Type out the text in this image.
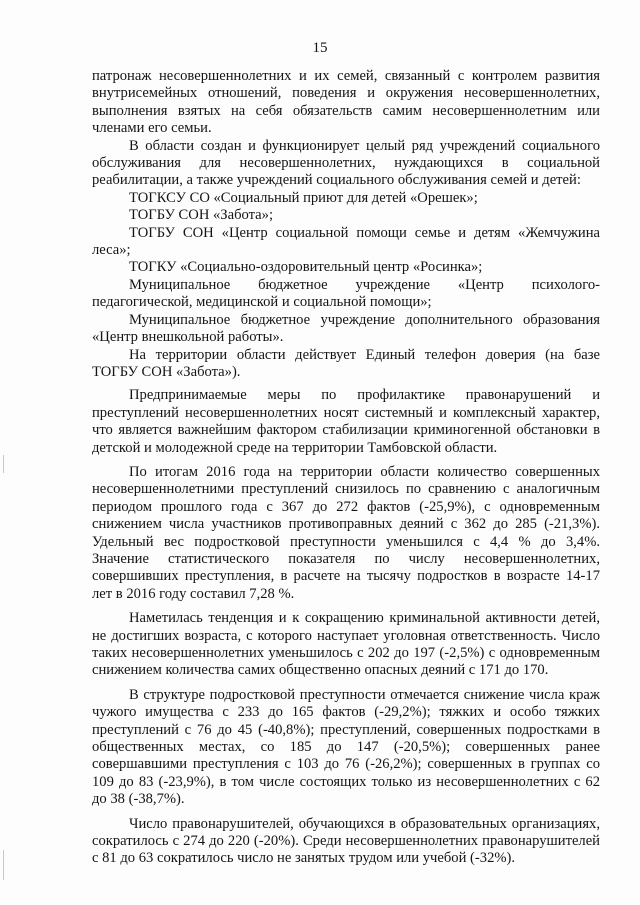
15

патронаж несовершеннолетних и их семей, связанный с контролем развития внутрисемейных отношений, поведения и окружения несовершеннолетних, выполнения взятых на себя обязательств самим несовершеннолетним или членами его семьи.

В области создан и функционирует целый ряд учреждений социального обслуживания для несовершеннолетних, нуждающихся в социальной реабилитации, а также учреждений социального обслуживания семей и детей:

ТОГКСУ СО «Социальный приют для детей «Орешек»;

ТОГБУ СОН «Забота»;

ТОГБУ СОН «Центр социальной помощи семье и детям «Жемчужина леса»;

ТОГКУ «Социально-оздоровительный центр «Росинка»;

Муниципальное бюджетное учреждение «Центр психолого-педагогической, медицинской и социальной помощи»;

Муниципальное бюджетное учреждение дополнительного образования «Центр внешкольной работы».

На территории области действует Единый телефон доверия (на базе ТОГБУ СОН «Забота»).

Предпринимаемые меры по профилактике правонарушений и преступлений несовершеннолетних носят системный и комплексный характер, что является важнейшим фактором стабилизации криминогенной обстановки в детской и молодежной среде на территории Тамбовской области.

По итогам 2016 года на территории области количество совершенных несовершеннолетними преступлений снизилось по сравнению с аналогичным периодом прошлого года с 367 до 272 фактов (-25,9%), с одновременным снижением числа участников противоправных деяний с 362 до 285 (-21,3%). Удельный вес подростковой преступности уменьшился с 4,4 % до 3,4%. Значение статистического показателя по числу несовершеннолетних, совершивших преступления, в расчете на тысячу подростков в возрасте 14-17 лет в 2016 году составил 7,28 %.

Наметилась тенденция и к сокращению криминальной активности детей, не достигших возраста, с которого наступает уголовная ответственность. Число таких несовершеннолетних уменьшилось с 202 до 197 (-2,5%) с одновременным снижением количества самих общественно опасных деяний с 171 до 170.

В структуре подростковой преступности отмечается снижение числа краж чужого имущества с 233 до 165 фактов (-29,2%); тяжких и особо тяжких преступлений с 76 до 45 (-40,8%); преступлений, совершенных подростками в общественных местах, со 185 до 147 (-20,5%); совершенных ранее совершавшими преступления с 103 до 76 (-26,2%); совершенных в группах со 109 до 83 (-23,9%), в том числе состоящих только из несовершеннолетних с 62 до 38 (-38,7%).

Число правонарушителей, обучающихся в образовательных организациях, сократилось с 274 до 220 (-20%). Среди несовершеннолетних правонарушителей с 81 до 63 сократилось число не занятых трудом или учебой (-32%).
